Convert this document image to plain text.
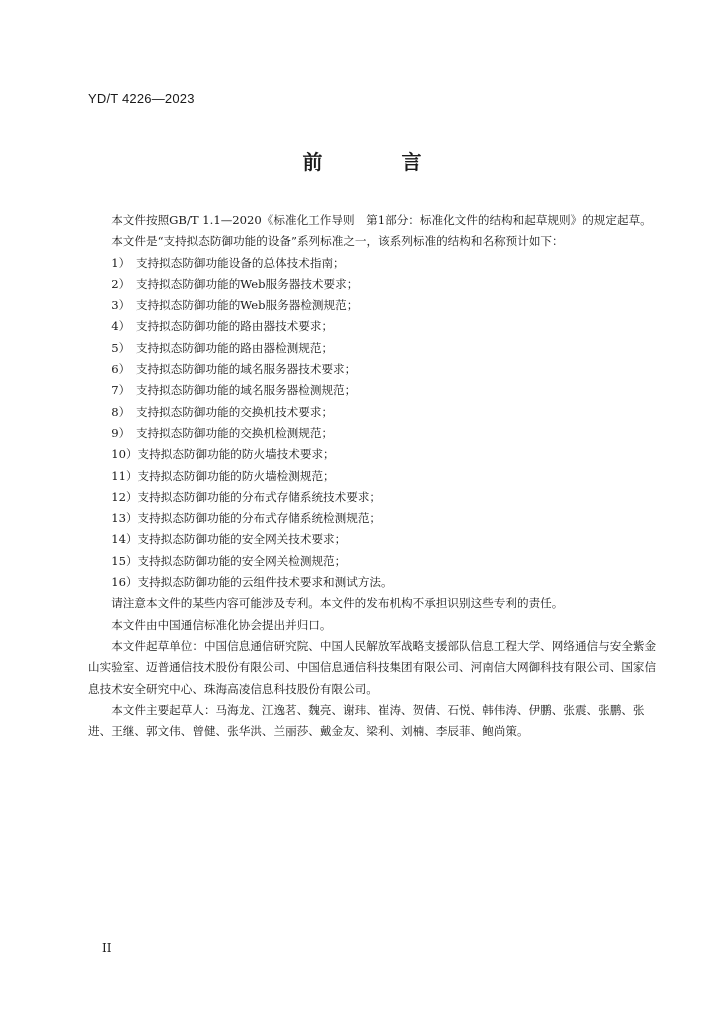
YD/T 4226—2023
前 言

本文件按照GB/T 1.1—2020《标准化工作导则　第1部分：标准化文件的结构和起草规则》的规定起草。

本文件是“支持拟态防御功能的设备”系列标准之一，该系列标准的结构和名称预计如下：

1）　支持拟态防御功能设备的总体技术指南；

2）　支持拟态防御功能的Web服务器技术要求；

3）　支持拟态防御功能的Web服务器检测规范；

4）　支持拟态防御功能的路由器技术要求；

5）　支持拟态防御功能的路由器检测规范；

6）　支持拟态防御功能的域名服务器技术要求；

7）　支持拟态防御功能的域名服务器检测规范；

8）　支持拟态防御功能的交换机技术要求；

9）　支持拟态防御功能的交换机检测规范；

10）支持拟态防御功能的防火墙技术要求；

11）支持拟态防御功能的防火墙检测规范；

12）支持拟态防御功能的分布式存储系统技术要求；

13）支持拟态防御功能的分布式存储系统检测规范；

14）支持拟态防御功能的安全网关技术要求；

15）支持拟态防御功能的安全网关检测规范；

16）支持拟态防御功能的云组件技术要求和测试方法。

请注意本文件的某些内容可能涉及专利。本文件的发布机构不承担识别这些专利的责任。

本文件由中国通信标准化协会提出并归口。

本文件起草单位：中国信息通信研究院、中国人民解放军战略支援部队信息工程大学、网络通信与安全紫金山实验室、迈普通信技术股份有限公司、中国信息通信科技集团有限公司、河南信大网御科技有限公司、国家信息技术安全研究中心、珠海高凌信息科技股份有限公司。

本文件主要起草人：马海龙、江逸茗、魏亮、谢玮、崔涛、贺倩、石悦、韩伟涛、伊鹏、张震、张鹏、张进、王继、郭文伟、曾健、张华洪、兰丽莎、戴金友、梁利、刘楠、李辰菲、鲍尚策。

II
